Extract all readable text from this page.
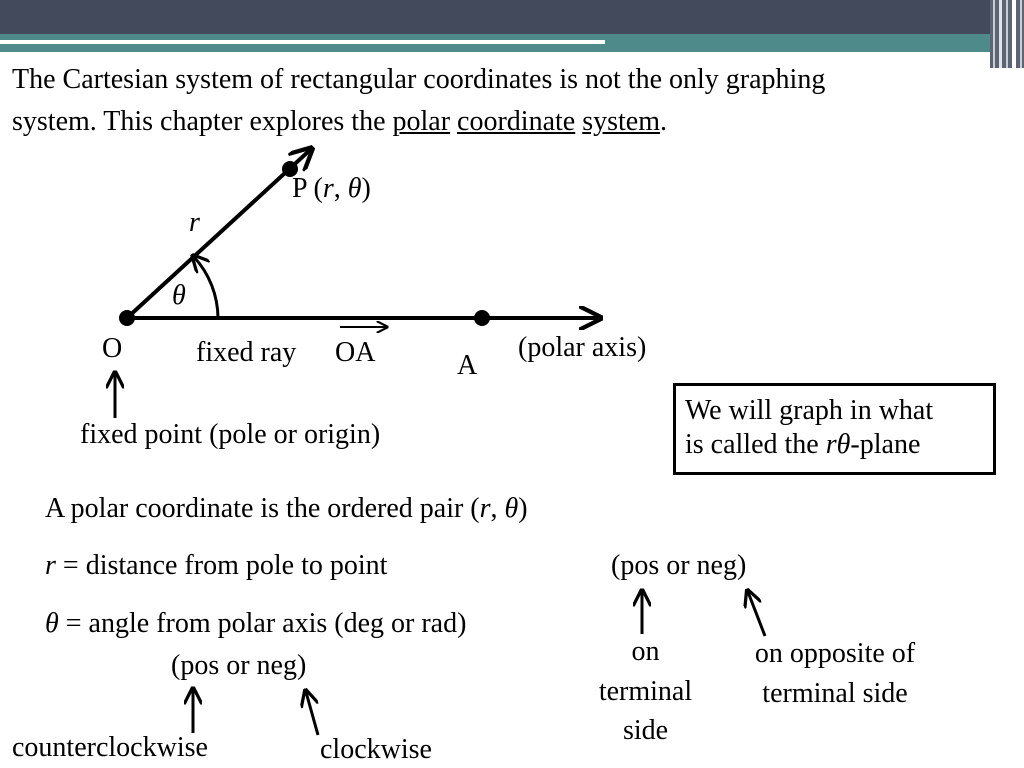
The Cartesian system of rectangular coordinates is not the only graphing
system. This chapter explores the polar coordinate system.
P (r, θ)
r
θ
O	fixed ray OA	A
(polar axis)
fixed point (pole or origin)
We will graph in what
is called the rθ-plane
A polar coordinate is the ordered pair (r, θ)
r = distance from pole to point
θ = angle from polar axis (deg or rad)
(pos or neg)
counterclockwise	clockwise
(pos or neg)
on
terminal
side
on opposite of
terminal side
